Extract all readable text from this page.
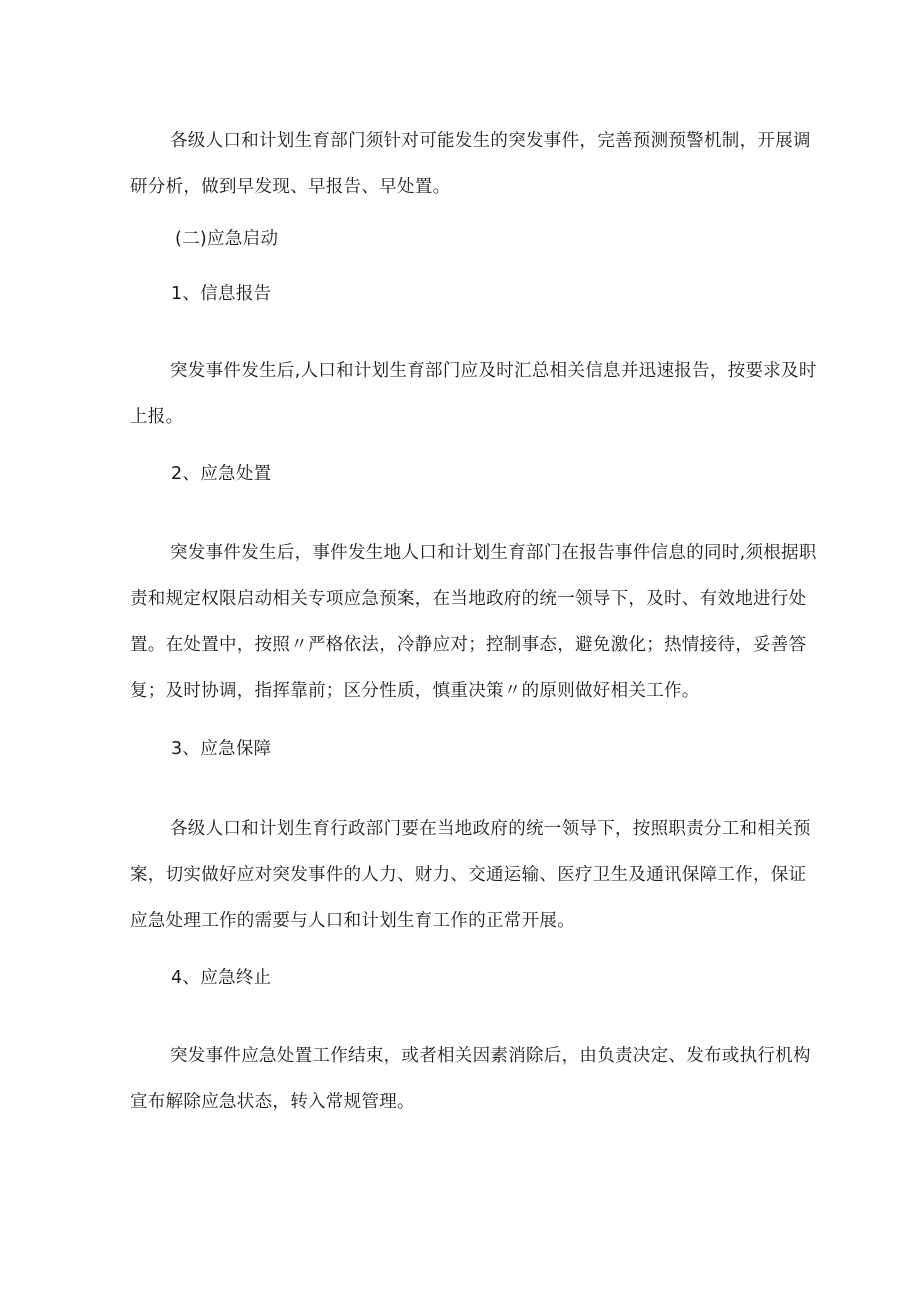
各级人口和计划生育部门须针对可能发生的突发事件，完善预测预警机制，开展调
研分析，做到早发现、早报告、早处置。
(二)应急启动
1、信息报告
突发事件发生后,人口和计划生育部门应及时汇总相关信息并迅速报告，按要求及时
上报。
2、应急处置
突发事件发生后，事件发生地人口和计划生育部门在报告事件信息的同时,须根据职
责和规定权限启动相关专项应急预案，在当地政府的统一领导下，及时、有效地进行处
置。在处置中，按照〃严格依法，冷静应对；控制事态，避免激化；热情接待，妥善答
复；及时协调，指挥靠前；区分性质，慎重决策〃的原则做好相关工作。
3、应急保障
各级人口和计划生育行政部门要在当地政府的统一领导下，按照职责分工和相关预
案，切实做好应对突发事件的人力、财力、交通运输、医疗卫生及通讯保障工作，保证
应急处理工作的需要与人口和计划生育工作的正常开展。
4、应急终止
突发事件应急处置工作结束，或者相关因素消除后，由负责决定、发布或执行机构
宣布解除应急状态，转入常规管理。
